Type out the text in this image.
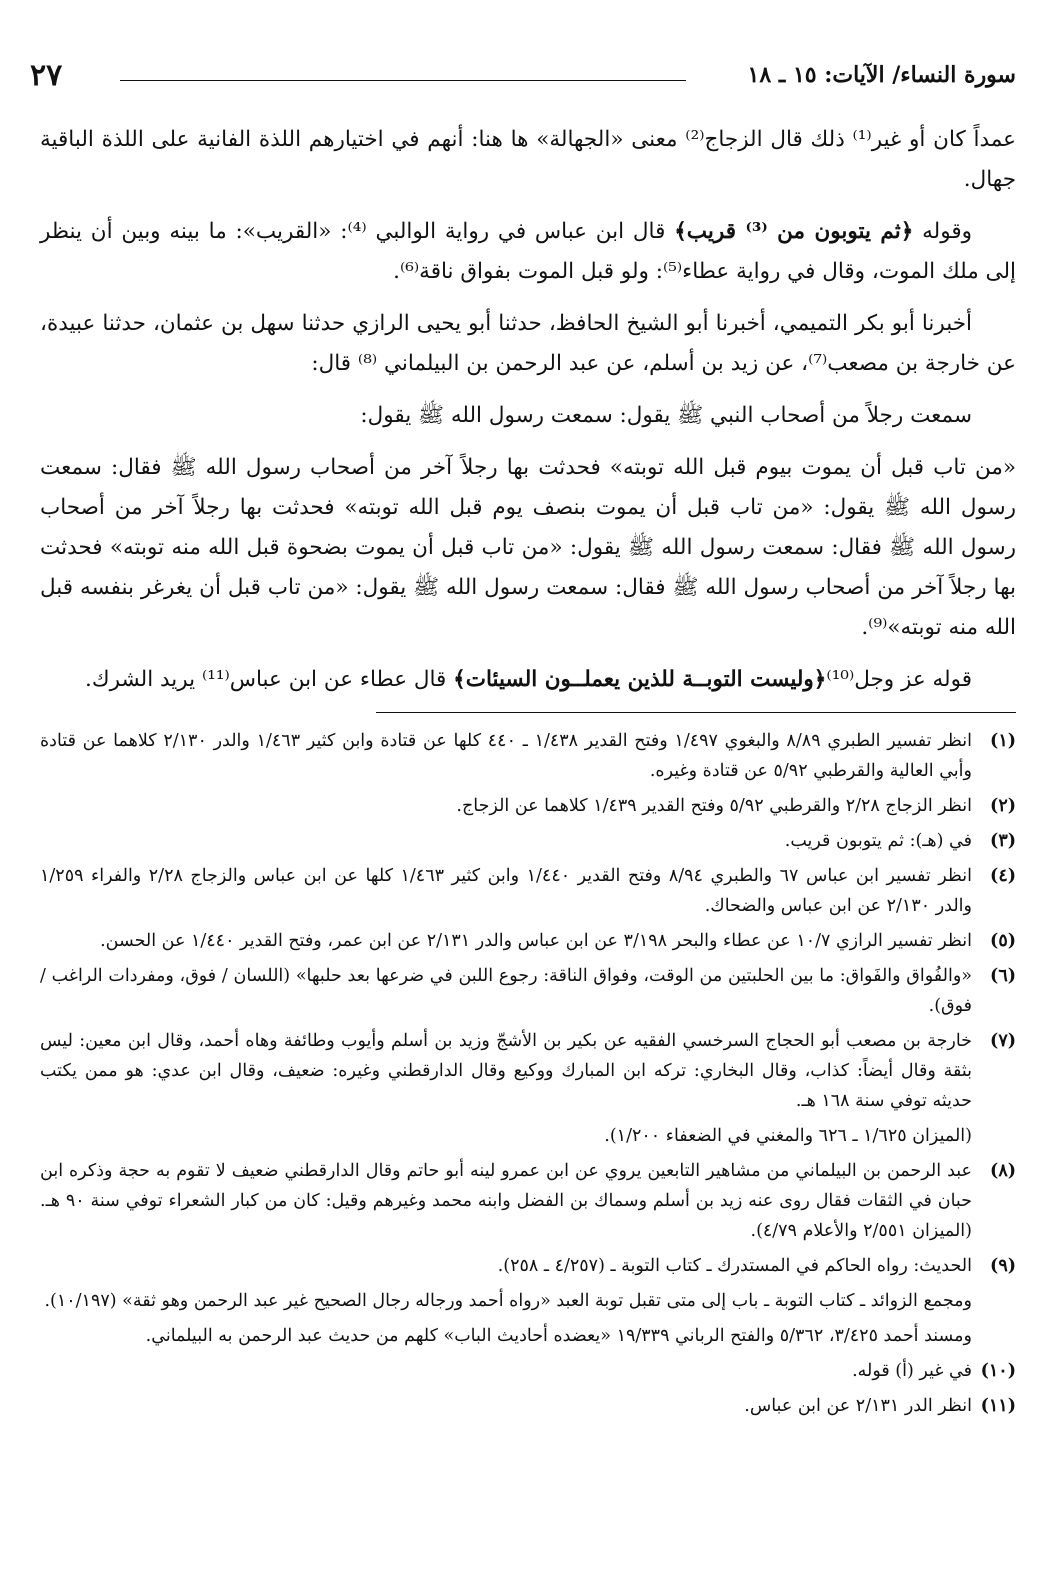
سورة النساء/ الآيات: ١٥ ـ ١٨
٢٧

عمداً كان أو غير⁽¹⁾ ذلك قال الزجاج⁽²⁾ معنى «الجهالة» ها هنا: أنهم في اختيارهم اللذة الفانية على اللذة الباقية جهال.

وقوله ﴿ثم يتوبون من ⁽³⁾ قريب﴾ قال ابن عباس في رواية الوالبي ⁽⁴⁾: «القريب»: ما بينه وبين أن ينظر إلى ملك الموت، وقال في رواية عطاء⁽⁵⁾: ولو قبل الموت بفواق ناقة⁽⁶⁾.

أخبرنا أبو بكر التميمي، أخبرنا أبو الشيخ الحافظ، حدثنا أبو يحيى الرازي حدثنا سهل بن عثمان، حدثنا عبيدة، عن خارجة بن مصعب⁽⁷⁾، عن زيد بن أسلم، عن عبد الرحمن بن البيلماني ⁽⁸⁾ قال:

سمعت رجلاً من أصحاب النبي ﷺ يقول: سمعت رسول الله ﷺ يقول:

«من تاب قبل أن يموت بيوم قبل الله توبته» فحدثت بها رجلاً آخر من أصحاب رسول الله ﷺ فقال: سمعت رسول الله ﷺ يقول: «من تاب قبل أن يموت بنصف يوم قبل الله توبته» فحدثت بها رجلاً آخر من أصحاب رسول الله ﷺ فقال: سمعت رسول الله ﷺ يقول: «من تاب قبل أن يموت بضحوة قبل الله منه توبته» فحدثت بها رجلاً آخر من أصحاب رسول الله ﷺ فقال: سمعت رسول الله ﷺ يقول: «من تاب قبل أن يغرغر بنفسه قبل الله منه توبته»⁽⁹⁾.

قوله عز وجل⁽¹⁰⁾﴿وليست التوبــة للذين يعملــون السيئات﴾ قال عطاء عن ابن عباس⁽¹¹⁾ يريد الشرك.

(١)
انظر تفسير الطبري ٨/٨٩ والبغوي ١/٤٩٧ وفتح القدير ١/٤٣٨ ـ ٤٤٠ كلها عن قتادة وابن كثير ١/٤٦٣ والدر ٢/١٣٠ كلاهما عن قتادة وأبي العالية والقرطبي ٥/٩٢ عن قتادة وغيره.
(٢)
انظر الزجاج ٢/٢٨ والقرطبي ٥/٩٢ وفتح القدير ١/٤٣٩ كلاهما عن الزجاج.
(٣)
في (هـ): ثم يتوبون قريب.
(٤)
انظر تفسير ابن عباس ٦٧ والطبري ٨/٩٤ وفتح القدير ١/٤٤٠ وابن كثير ١/٤٦٣ كلها عن ابن عباس والزجاج ٢/٢٨ والفراء ١/٢٥٩ والدر ٢/١٣٠ عن ابن عباس والضحاك.
(٥)
انظر تفسير الرازي ١٠/٧ عن عطاء والبحر ٣/١٩٨ عن ابن عباس والدر ٢/١٣١ عن ابن عمر، وفتح القدير ١/٤٤٠ عن الحسن.
(٦)
«والفُواق والفَواق: ما بين الحلبتين من الوقت، وفواق الناقة: رجوع اللبن في ضرعها بعد حلبها» (اللسان / فوق، ومفردات الراغب / فوق).
(٧)
خارجة بن مصعب أبو الحجاج السرخسي الفقيه عن بكير بن الأشجّ وزيد بن أسلم وأيوب وطائفة وهاه أحمد، وقال ابن معين: ليس بثقة وقال أيضاً: كذاب، وقال البخاري: تركه ابن المبارك ووكيع وقال الدارقطني وغيره: ضعيف، وقال ابن عدي: هو ممن يكتب حديثه توفي سنة ١٦٨ هـ.
(الميزان ١/٦٢٥ ـ ٦٢٦ والمغني في الضعفاء ١/٢٠٠).
(٨)
عبد الرحمن بن البيلماني من مشاهير التابعين يروي عن ابن عمرو لينه أبو حاتم وقال الدارقطني ضعيف لا تقوم به حجة وذكره ابن حبان في الثقات فقال روى عنه زيد بن أسلم وسماك بن الفضل وابنه محمد وغيرهم وقيل: كان من كبار الشعراء توفي سنة ٩٠ هـ. (الميزان ٢/٥٥١ والأعلام ٤/٧٩).
(٩)
الحديث: رواه الحاكم في المستدرك ـ كتاب التوبة ـ (٤/٢٥٧ ـ ٢٥٨).
ومجمع الزوائد ـ كتاب التوبة ـ باب إلى متى تقبل توبة العبد «رواه أحمد ورجاله رجال الصحيح غير عبد الرحمن وهو ثقة» (١٠/١٩٧).
ومسند أحمد ٣/٤٢٥، ٥/٣٦٢ والفتح الرباني ١٩/٣٣٩ «يعضده أحاديث الباب» كلهم من حديث عبد الرحمن به البيلماني.
(١٠)
في غير (أ) قوله.
(١١)
انظر الدر ٢/١٣١ عن ابن عباس.
